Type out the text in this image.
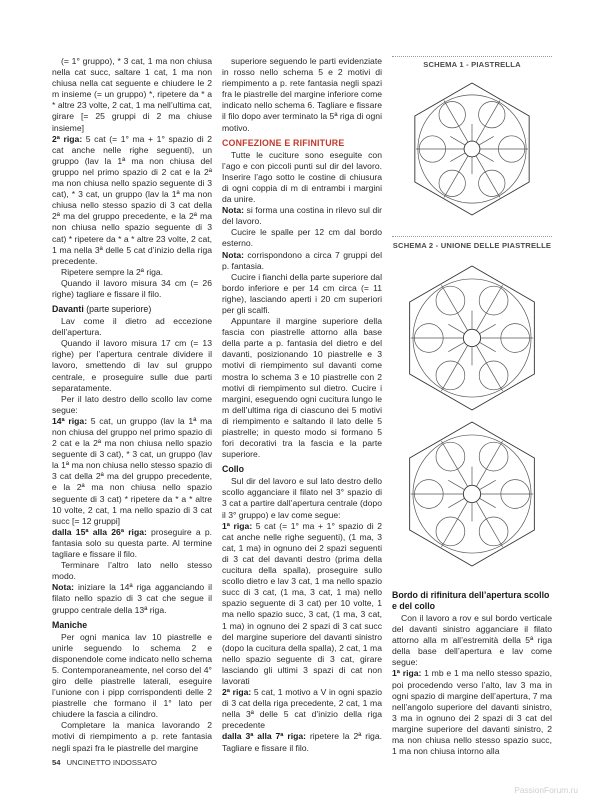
(= 1° gruppo), * 3 cat, 1 ma non chiusa nella cat succ, saltare 1 cat, 1 ma non chiusa nella cat seguente e chiudere le 2 m insieme (= un gruppo) *, ripetere da * a * altre 23 volte, 2 cat, 1 ma nell’ultima cat, girare [= 25 gruppi di 2 ma chiuse insieme]

2ª riga: 5 cat (= 1° ma + 1° spazio di 2 cat anche nelle righe seguenti), un gruppo (lav la 1ª ma non chiusa del gruppo nel primo spazio di 2 cat e la 2ª ma non chiusa nello spazio seguente di 3 cat), * 3 cat, un gruppo (lav la 1ª ma non chiusa nello stesso spazio di 3 cat della 2ª ma del gruppo precedente, e la 2ª ma non chiusa nello spazio seguente di 3 cat) * ripetere da * a * altre 23 volte, 2 cat, 1 ma nella 3ª delle 5 cat d’inizio della riga precedente.

Ripetere sempre la 2ª riga.

Quando il lavoro misura 34 cm (= 26 righe) tagliare e fissare il filo.

Davanti (parte superiore)

Lav come il dietro ad eccezione dell’apertura.

Quando il lavoro misura 17 cm (= 13 righe) per l’apertura centrale dividere il lavoro, smettendo di lav sul gruppo centrale, e proseguire sulle due parti separatamente.

Per il lato destro dello scollo lav come segue:

14ª riga: 5 cat, un gruppo (lav la 1ª ma non chiusa del gruppo nel primo spazio di 2 cat e la 2ª ma non chiusa nello spazio seguente di 3 cat), * 3 cat, un gruppo (lav la 1ª ma non chiusa nello stesso spazio di 3 cat della 2ª ma del gruppo precedente, e la 2ª ma non chiusa nello spazio seguente di 3 cat) * ripetere da * a * altre 10 volte, 2 cat, 1 ma nello spazio di 3 cat succ [= 12 gruppi]

dalla 15ª alla 26ª riga: proseguire a p. fantasia solo su questa parte. Al termine tagliare e fissare il filo.

Terminare l’altro lato nello stesso modo.

Nota: iniziare la 14ª riga agganciando il filato nello spazio di 3 cat che segue il gruppo centrale della 13ª riga.

Maniche

Per ogni manica lav 10 piastrelle e unirle seguendo lo schema 2 e disponendole come indicato nello schema 5. Contemporaneamente, nel corso del 4° giro delle piastrelle laterali, eseguire l’unione con i pipp corrispondenti delle 2 piastrelle che formano il 1° lato per chiudere la fascia a cilindro.

Completare la manica lavorando 2 motivi di riempimento a p. rete fantasia negli spazi fra le piastrelle del margine

superiore seguendo le parti evidenziate in rosso nello schema 5 e 2 motivi di riempimento a p. rete fantasia negli spazi fra le piastrelle del margine inferiore come indicato nello schema 6. Tagliare e fissare il filo dopo aver terminato la 5ª riga di ogni motivo.

CONFEZIONE E RIFINITURE

Tutte le cuciture sono eseguite con l’ago e con piccoli punti sul dir del lavoro. Inserire l’ago sotto le costine di chiusura di ogni coppia di m di entrambi i margini da unire.

Nota: si forma una costina in rilevo sul dir del lavoro.

Cucire le spalle per 12 cm dal bordo esterno.

Nota: corrispondono a circa 7 gruppi del p. fantasia.

Cucire i fianchi della parte superiore dal bordo inferiore e per 14 cm circa (= 11 righe), lasciando aperti i 20 cm superiori per gli scalfi.

Appuntare il margine superiore della fascia con piastrelle attorno alla base della parte a p. fantasia del dietro e del davanti, posizionando 10 piastrelle e 3 motivi di riempimento sul davanti come mostra lo schema 3 e 10 piastrelle con 2 motivi di riempimento sul dietro. Cucire i margini, eseguendo ogni cucitura lungo le m dell’ultima riga di ciascuno dei 5 motivi di riempimento e saltando il lato delle 5 piastrelle; in questo modo si formano 5 fori decorativi tra la fascia e la parte superiore.

Collo

Sul dir del lavoro e sul lato destro dello scollo agganciare il filato nel 3° spazio di 3 cat a partire dall’apertura centrale (dopo il 3° gruppo) e lav come segue:

1ª riga: 5 cat (= 1° ma + 1° spazio di 2 cat anche nelle righe seguenti), (1 ma, 3 cat, 1 ma) in ognuno dei 2 spazi seguenti di 3 cat del davanti destro (prima della cucitura della spalla), proseguire sullo scollo dietro e lav 3 cat, 1 ma nello spazio succ di 3 cat, (1 ma, 3 cat, 1 ma) nello spazio seguente di 3 cat) per 10 volte, 1 ma nello spazio succ, 3 cat, (1 ma, 3 cat, 1 ma) in ognuno dei 2 spazi di 3 cat succ del margine superiore del davanti sinistro (dopo la cucitura della spalla), 2 cat, 1 ma nello spazio seguente di 3 cat, girare lasciando gli ultimi 3 spazi di cat non lavorati

2ª riga: 5 cat, 1 motivo a V in ogni spazio di 3 cat della riga precedente, 2 cat, 1 ma nella 3ª delle 5 cat d’inizio della riga precedente

dalla 3ª alla 7ª riga: ripetere la 2ª riga. Tagliare e fissare il filo.

SCHEMA 1 - PIASTRELLA
SCHEMA 2 - UNIONE DELLE PIASTRELLE
Bordo di rifinitura dell’apertura scollo e del collo

Con il lavoro a rov e sul bordo verticale del davanti sinistro agganciare il filato attorno alla m all’estremità della 5ª riga della base dell’apertura e lav come segue:

1ª riga: 1 mb e 1 ma nello stesso spazio, poi procedendo verso l’alto, lav 3 ma in ogni spazio di margine dell’apertura, 7 ma nell’angolo superiore del davanti sinistro, 3 ma in ognuno dei 2 spazi di 3 cat del margine superiore del davanti sinistro, 2 ma non chiusa nello stesso spazio succ, 1 ma non chiusa intorno alla

54 UNCINETTO INDOSSATO
PassionForum.ru
